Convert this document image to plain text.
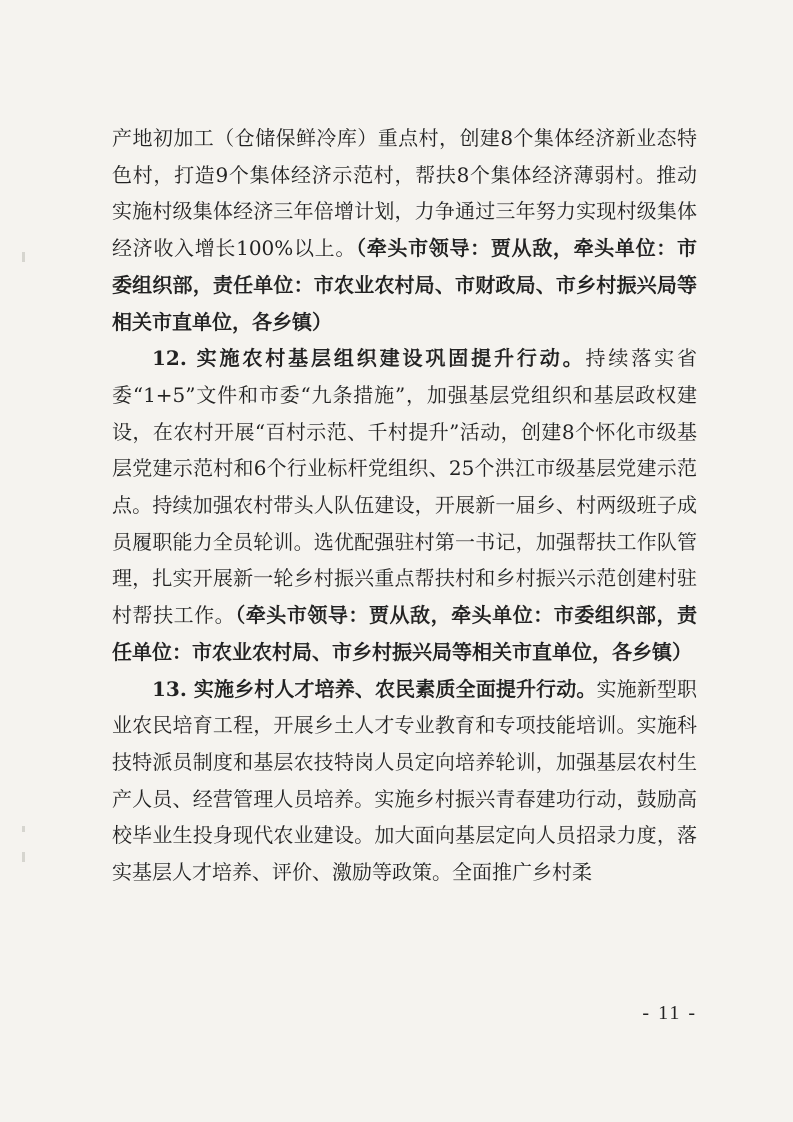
产地初加工（仓储保鲜冷库）重点村，创建8个集体经济新业态特色村，打造9个集体经济示范村，帮扶8个集体经济薄弱村。推动实施村级集体经济三年倍增计划，力争通过三年努力实现村级集体经济收入增长100%以上。（牵头市领导：贾从敌，牵头单位：市委组织部，责任单位：市农业农村局、市财政局、市乡村振兴局等相关市直单位，各乡镇）

12. 实施农村基层组织建设巩固提升行动。持续落实省委“1+5”文件和市委“九条措施”，加强基层党组织和基层政权建设，在农村开展“百村示范、千村提升”活动，创建8个怀化市级基层党建示范村和6个行业标杆党组织、25个洪江市级基层党建示范点。持续加强农村带头人队伍建设，开展新一届乡、村两级班子成员履职能力全员轮训。选优配强驻村第一书记，加强帮扶工作队管理，扎实开展新一轮乡村振兴重点帮扶村和乡村振兴示范创建村驻村帮扶工作。（牵头市领导：贾从敌，牵头单位：市委组织部，责任单位：市农业农村局、市乡村振兴局等相关市直单位，各乡镇）

13. 实施乡村人才培养、农民素质全面提升行动。实施新型职业农民培育工程，开展乡土人才专业教育和专项技能培训。实施科技特派员制度和基层农技特岗人员定向培养轮训，加强基层农村生产人员、经营管理人员培养。实施乡村振兴青春建功行动，鼓励高校毕业生投身现代农业建设。加大面向基层定向人员招录力度，落实基层人才培养、评价、激励等政策。全面推广乡村柔

- 11 -
